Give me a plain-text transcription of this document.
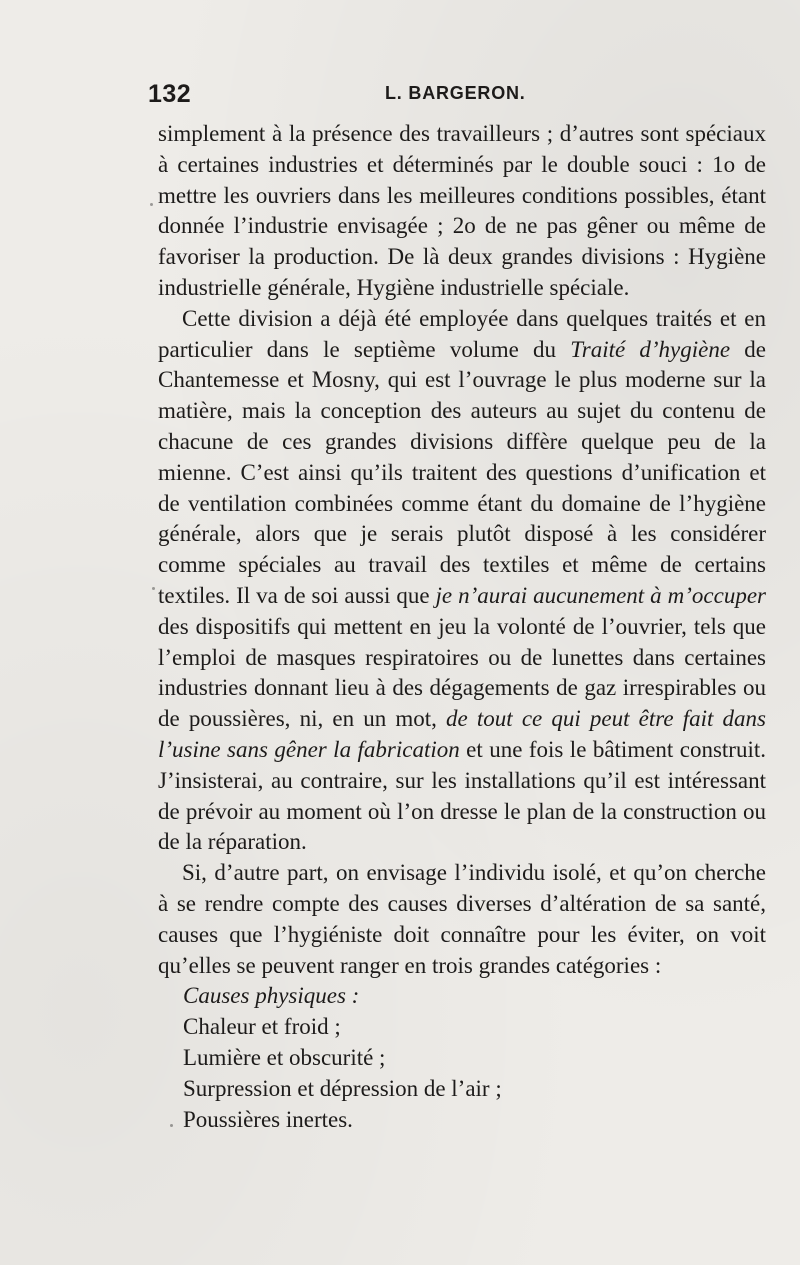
132	L. BARGERON.

simplement à la présence des travailleurs ; d’autres sont spéciaux à certaines industries et déterminés par le double souci : 1o de mettre les ouvriers dans les meilleures conditions possibles, étant donnée l’industrie envisagée ; 2o de ne pas gêner ou même de favoriser la production. De là deux grandes divisions : Hygiène industrielle générale, Hygiène industrielle spéciale.

Cette division a déjà été employée dans quelques traités et en particulier dans le septième volume du Traité d’hygiène de Chantemesse et Mosny, qui est l’ouvrage le plus moderne sur la matière, mais la conception des auteurs au sujet du contenu de chacune de ces grandes divisions diffère quelque peu de la mienne. C’est ainsi qu’ils traitent des questions d’unification et de ventilation combinées comme étant du domaine de l’hygiène générale, alors que je serais plutôt disposé à les considérer comme spéciales au travail des textiles et même de certains textiles. Il va de soi aussi que je n’aurai aucunement à m’occuper des dispositifs qui mettent en jeu la volonté de l’ouvrier, tels que l’emploi de masques respiratoires ou de lunettes dans certaines industries donnant lieu à des dégagements de gaz irrespirables ou de poussières, ni, en un mot, de tout ce qui peut être fait dans l’usine sans gêner la fabrication et une fois le bâtiment construit. J’insisterai, au contraire, sur les installations qu’il est intéressant de prévoir au moment où l’on dresse le plan de la construction ou de la réparation.

Si, d’autre part, on envisage l’individu isolé, et qu’on cherche à se rendre compte des causes diverses d’altération de sa santé, causes que l’hygiéniste doit connaître pour les éviter, on voit qu’elles se peuvent ranger en trois grandes catégories :

Causes physiques :

Chaleur et froid ;

Lumière et obscurité ;

Surpression et dépression de l’air ;

Poussières inertes.
